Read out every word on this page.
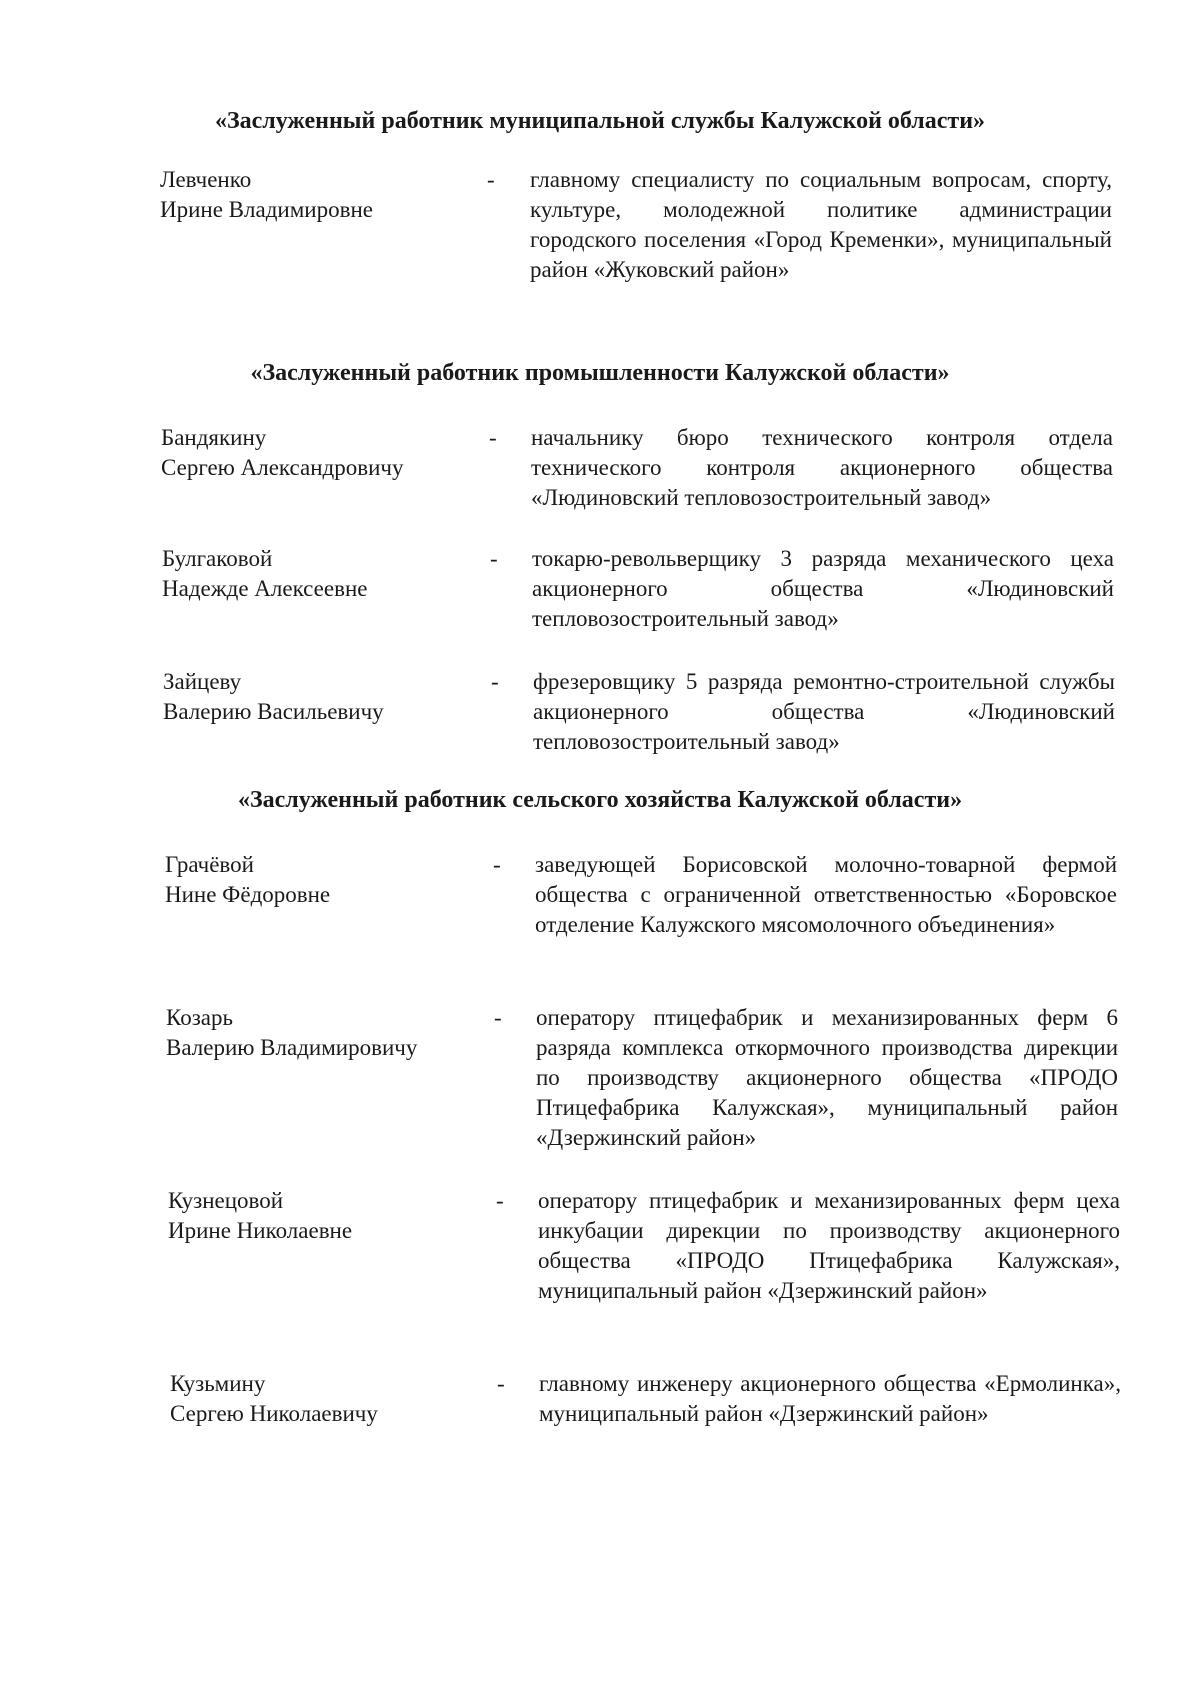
«Заслуженный работник муниципальной службы Калужской области»
Левченко
Ирине Владимировне
- главному специалисту по социальным вопросам, спорту, культуре, молодежной политике администрации городского поселения «Город Кременки», муниципальный район «Жуковский район»
«Заслуженный работник промышленности Калужской области»
Бандякину
Сергею Александровичу
- начальнику бюро технического контроля отдела технического контроля акционерного общества «Людиновский тепловозостроительный завод»
Булгаковой
Надежде Алексеевне
- токарю-револьверщику 3 разряда механического цеха акционерного общества «Людиновский тепловозостроительный завод»
Зайцеву
Валерию Васильевичу
- фрезеровщику 5 разряда ремонтно-строительной службы акционерного общества «Людиновский тепловозостроительный завод»
«Заслуженный работник сельского хозяйства Калужской области»
Грачёвой
Нине Фёдоровне
- заведующей Борисовской молочно-товарной фермой общества с ограниченной ответственностью «Боровское отделение Калужского мясомолочного объединения»
Козарь
Валерию Владимировичу
- оператору птицефабрик и механизированных ферм 6 разряда комплекса откормочного производства дирекции по производству акционерного общества «ПРОДО Птицефабрика Калужская», муниципальный район «Дзержинский район»
Кузнецовой
Ирине Николаевне
- оператору птицефабрик и механизированных ферм цеха инкубации дирекции по производству акционерного общества «ПРОДО Птицефабрика Калужская», муниципальный район «Дзержинский район»
Кузьмину
Сергею Николаевичу
- главному инженеру акционерного общества «Ермолинка», муниципальный район «Дзержинский район»
